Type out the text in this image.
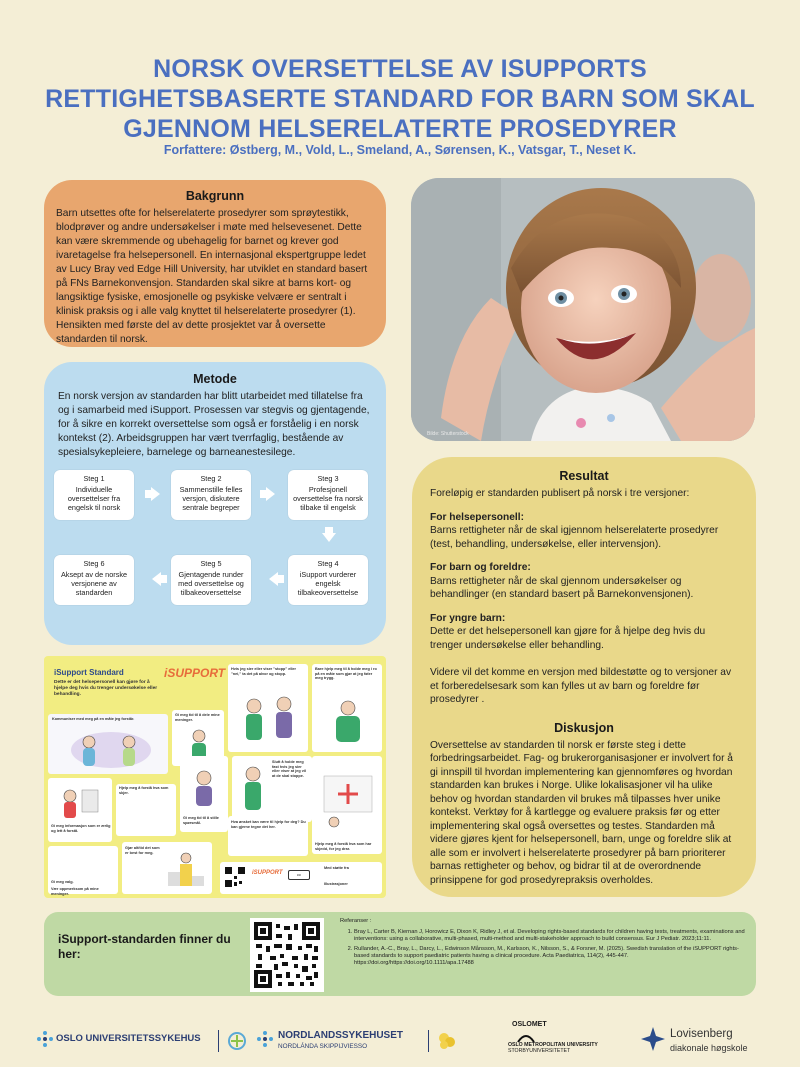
NORSK OVERSETTELSE AV ISUPPORTS
RETTIGHETSBASERTE STANDARD FOR BARN SOM SKAL
GJENNOM HELSERELATERTE PROSEDYRER
Forfattere: Østberg, M., Vold, L., Smeland, A., Sørensen, K., Vatsgar, T., Neset K.
Bakgrunn

Barn utsettes ofte for helserelaterte prosedyrer som sprøytestikk, blodprøver og andre undersøkelser i møte med helsevesenet. Dette kan være skremmende og ubehagelig for barnet og krever god ivaretagelse fra helsepersonell. En internasjonal ekspertgruppe ledet av Lucy Bray ved Edge Hill University, har utviklet en standard basert på FNs Barnekonvensjon. Standarden skal sikre at barns kort- og langsiktige fysiske, emosjonelle og psykiske velvære er sentralt i klinisk praksis og i alle valg knyttet til helserelaterte prosedyrer (1). Hensikten med første del av dette prosjektet var å oversette standarden til norsk.

Bilde: Shutterstock
Metode

En norsk versjon av standarden har blitt utarbeidet med tillatelse fra og i samarbeid med iSupport. Prosessen var stegvis og gjentagende, for å sikre en korrekt oversettelse som også er forståelig i en norsk kontekst (2). Arbeidsgruppen har vært tverrfaglig, bestående av spesialsykepleiere, barnelege og barneanestesilege.

Steg 1
Individuelle oversettelser fra engelsk til norsk
Steg 2
Sammenstille felles versjon, diskutere sentrale begreper
Steg 3
Profesjonell oversettelse fra norsk tilbake til engelsk
Steg 4
iSupport vurderer engelsk tilbakeoversettelse
Steg 5
Gjentagende runder med oversettelse og tilbakeoversettelse
Steg 6
Aksept av de norske versjonene av standarden
iSupport Standard
Dette er det helsepersonell kan gjøre for å hjelpe deg hvis du trenger undersøkelse eller behandling.
iSUPPORT
Kommuniser med meg på en måte jeg forstår.
Gi meg tid til å dele mine meninger.
Hvis jeg sier eller viser "stopp" eller "nei," ta det på alvor og stopp.
Bare hjelp meg til å holde meg i ro på en måte som gjør at jeg føler meg trygg.
Gi meg informasjon som er ærlig og lett å forstå.
Hjelp meg å forstå hva som skjer.
Gi meg tid til å stille spørsmål.
Slutt å holde meg fast hvis jeg sier eller viser at jeg vil at de skal stoppe.
Hva ønsket kan være til hjelp for deg? Du kan gjerne tegne det her.
Hjelp meg å forstå hva som har skjedd, for jeg drar.
Gi meg valg.
Vær oppmerksom på mine meninger.
Gjør alt/tid det som er best for meg.
iSUPPORT	cc
Med støtte fra
Illustrasjoner
Resultat

Foreløpig er standarden publisert på norsk i tre versjoner:

For helsepersonell:

Barns rettigheter når de skal igjennom helserelaterte prosedyrer (test, behandling, undersøkelse, eller intervensjon).

For barn og foreldre:

Barns rettigheter når de skal gjennom undersøkelser og behandlinger (en standard basert på Barnekonvensjonen).

For yngre barn:

Dette er det helsepersonell kan gjøre for å hjelpe deg hvis du trenger undersøkelse eller behandling.

Videre vil det komme en versjon med bildestøtte og to versjoner av et forberedelsesark som kan fylles ut av barn og foreldre før prosedyrer .

Diskusjon

Oversettelse av standarden til norsk er første steg i dette forbedringsarbeidet. Fag- og brukerorganisasjoner er involvert for å gi innspill til hvordan implementering kan gjennomføres og hvordan standarden kan brukes i Norge. Ulike lokalisasjoner vil ha ulike behov og hvordan standarden vil brukes må tilpasses hver unike kontekst. Verktøy for å kartlegge og evaluere praksis før og etter implementering skal også oversettes og testes. Standarden må videre gjøres kjent for helsepersonell, barn, unge og foreldre slik at alle som er involvert i helserelaterte prosedyrer på barn prioriterer barnas rettigheter og behov, og bidrar til at de overordnende prinsippene for god prosedyrepraksis overholdes.

iSupport-standarden finner du her:
Referanser :
1. Bray L, Carter B, Kiernan J, Horowicz E, Dixon K, Ridley J, et al. Developing rights-based standards for children having tests, treatments, examinations and interventions: using a collaborative, multi-phased, multi-method and multi-stakeholder approach to build consensus. Eur J Pediatr. 2023;11:11.
2. Rullander, A.-C., Bray, L., Darcy, L., Edwinson Månsson, M., Karlsson, K., Nilsson, S., & Forsner, M. (2025). Swedish translation of the iSUPPORT rights-based standards to support paediatric patients having a clinical procedure. Acta Paediatrica, 114(2), 445-447. https://doi.org/https://doi.org/10.1111/apa.17488
OSLO UNIVERSITETSSYKEHUS	NORDLANDSSYKEHUSET
NORDLÁNDA SKIPPIJVIESSO
OSLOMET
OSLO METROPOLITAN UNIVERSITY
STORBYUNIVERSITETET
Lovisenberg
diakonale høgskole
